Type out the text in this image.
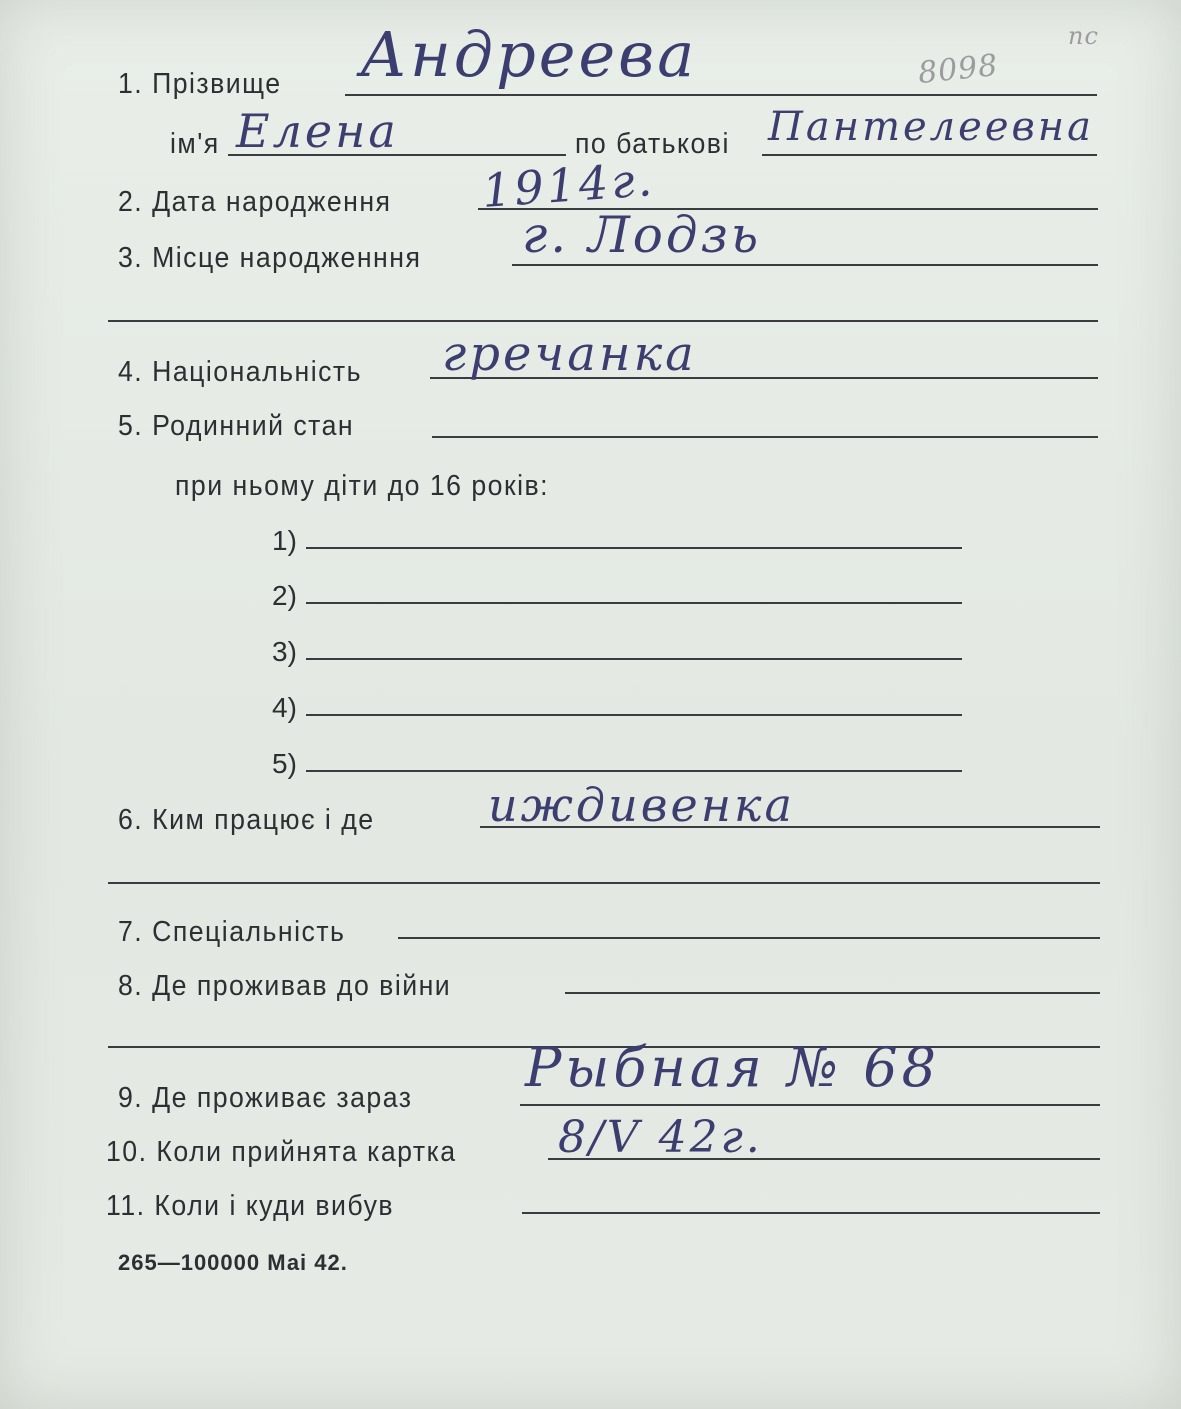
8098
пс
1. Прізвище Андреева
ім'я Елена	по батькові Пантелеевна
2. Дата народження 1914г.
3. Місце народженння г. Лодзь
4. Національність гречанка
5. Родинний стан
при ньому діти до 16 років:
1)
2)
3)
4)
5)
6. Ким працює і де иждивенка
7. Спеціальність
8. Де проживав до війни
9. Де проживає зараз Рыбная № 68
10. Коли прийнята картка 8/V 42г.
11. Коли і куди вибув
265—100000 Маі 42.
